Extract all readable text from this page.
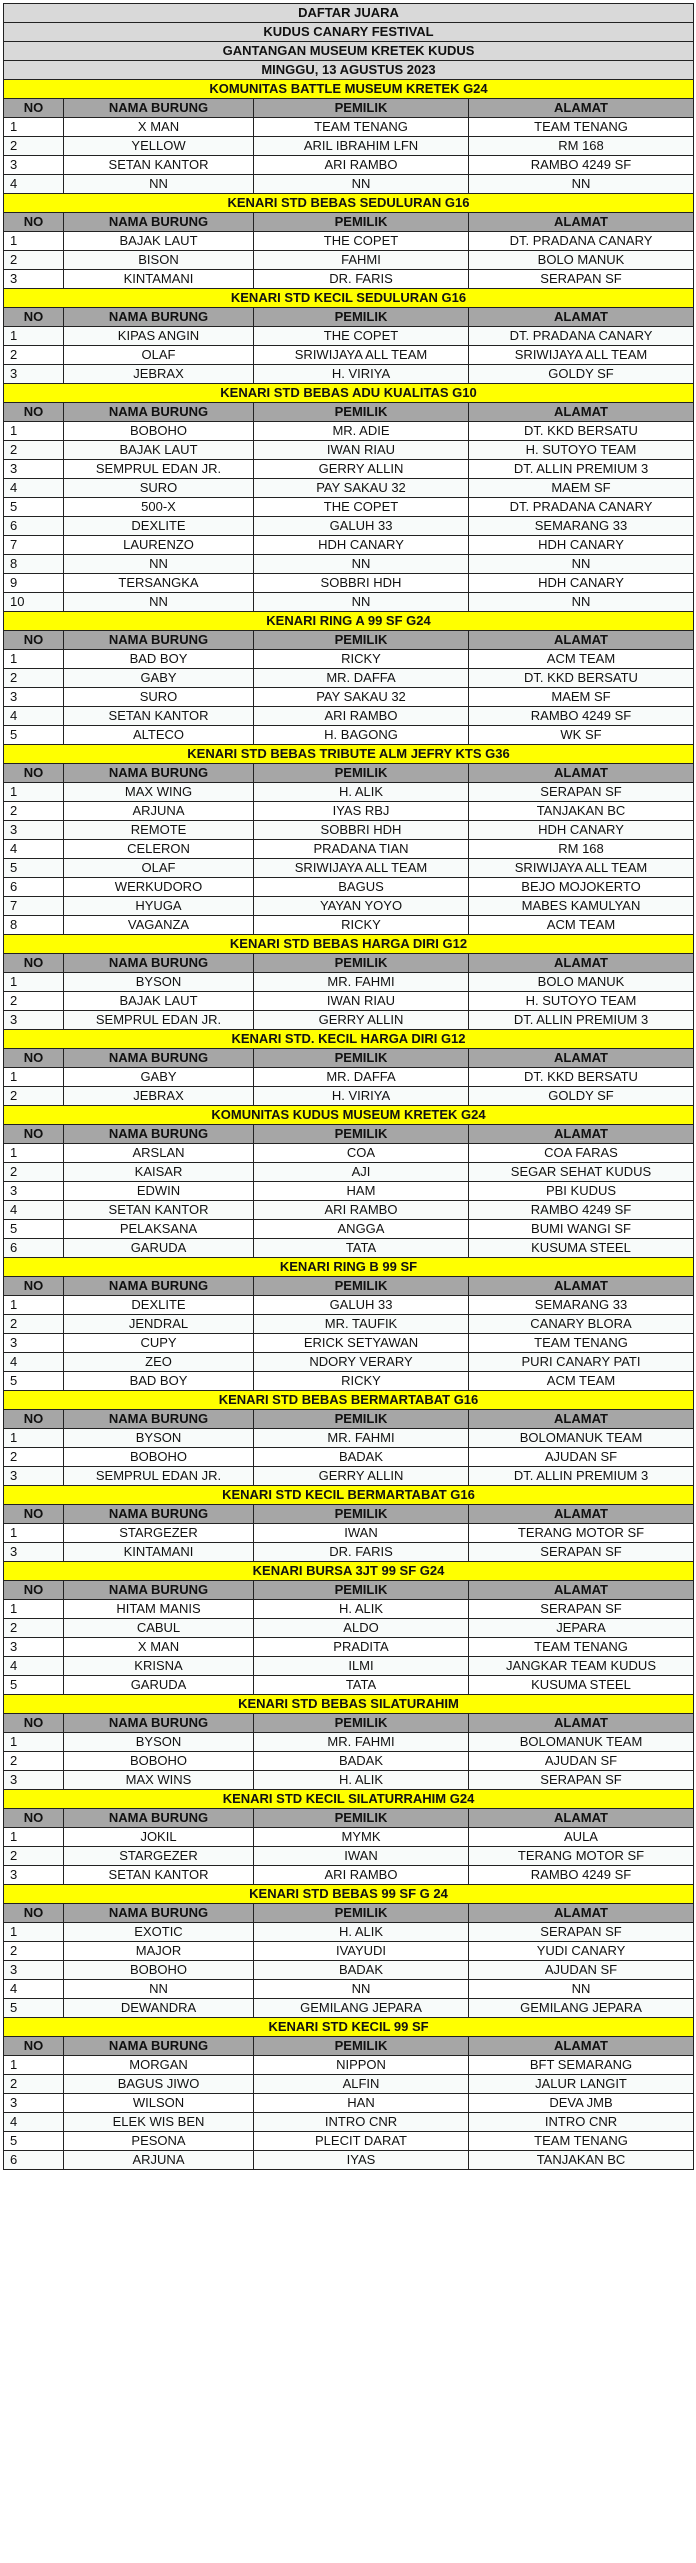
DAFTAR JUARA			
KUDUS CANARY FESTIVAL			
GANTANGAN MUSEUM KRETEK KUDUS			
MINGGU, 13 AGUSTUS 2023			
KOMUNITAS BATTLE MUSEUM KRETEK G24			
NO	NAMA BURUNG	PEMILIK	ALAMAT
1	X MAN	TEAM TENANG	TEAM TENANG
2	YELLOW	ARIL IBRAHIM LFN	RM 168
3	SETAN KANTOR	ARI RAMBO	RAMBO 4249 SF
4	NN	NN	NN
KENARI STD BEBAS SEDULURAN G16			
NO	NAMA BURUNG	PEMILIK	ALAMAT
1	BAJAK LAUT	THE COPET	DT. PRADANA CANARY
2	BISON	FAHMI	BOLO MANUK
3	KINTAMANI	DR. FARIS	SERAPAN SF
KENARI STD KECIL SEDULURAN G16			
NO	NAMA BURUNG	PEMILIK	ALAMAT
1	KIPAS ANGIN	THE COPET	DT. PRADANA CANARY
2	OLAF	SRIWIJAYA ALL TEAM	SRIWIJAYA ALL TEAM
3	JEBRAX	H. VIRIYA	GOLDY SF
KENARI STD BEBAS ADU KUALITAS G10			
NO	NAMA BURUNG	PEMILIK	ALAMAT
1	BOBOHO	MR. ADIE	DT. KKD BERSATU
2	BAJAK LAUT	IWAN RIAU	H. SUTOYO TEAM
3	SEMPRUL EDAN JR.	GERRY ALLIN	DT. ALLIN PREMIUM 3
4	SURO	PAY SAKAU 32	MAEM SF
5	500-X	THE COPET	DT. PRADANA CANARY
6	DEXLITE	GALUH 33	SEMARANG 33
7	LAURENZO	HDH CANARY	HDH CANARY
8	NN	NN	NN
9	TERSANGKA	SOBBRI HDH	HDH CANARY
10	NN	NN	NN
KENARI RING A 99 SF G24			
NO	NAMA BURUNG	PEMILIK	ALAMAT
1	BAD BOY	RICKY	ACM TEAM
2	GABY	MR. DAFFA	DT. KKD BERSATU
3	SURO	PAY SAKAU 32	MAEM SF
4	SETAN KANTOR	ARI RAMBO	RAMBO 4249 SF
5	ALTECO	H. BAGONG	WK SF
KENARI STD BEBAS TRIBUTE ALM JEFRY KTS G36			
NO	NAMA BURUNG	PEMILIK	ALAMAT
1	MAX WING	H. ALIK	SERAPAN SF
2	ARJUNA	IYAS RBJ	TANJAKAN BC
3	REMOTE	SOBBRI HDH	HDH CANARY
4	CELERON	PRADANA TIAN	RM 168
5	OLAF	SRIWIJAYA ALL TEAM	SRIWIJAYA ALL TEAM
6	WERKUDORO	BAGUS	BEJO MOJOKERTO
7	HYUGA	YAYAN YOYO	MABES KAMULYAN
8	VAGANZA	RICKY	ACM TEAM
KENARI STD BEBAS HARGA DIRI G12			
NO	NAMA BURUNG	PEMILIK	ALAMAT
1	BYSON	MR. FAHMI	BOLO MANUK
2	BAJAK LAUT	IWAN RIAU	H. SUTOYO TEAM
3	SEMPRUL EDAN JR.	GERRY ALLIN	DT. ALLIN PREMIUM 3
KENARI STD. KECIL HARGA DIRI G12			
NO	NAMA BURUNG	PEMILIK	ALAMAT
1	GABY	MR. DAFFA	DT. KKD BERSATU
2	JEBRAX	H. VIRIYA	GOLDY SF
KOMUNITAS KUDUS MUSEUM KRETEK G24			
NO	NAMA BURUNG	PEMILIK	ALAMAT
1	ARSLAN	COA	COA FARAS
2	KAISAR	AJI	SEGAR SEHAT KUDUS
3	EDWIN	HAM	PBI KUDUS
4	SETAN KANTOR	ARI RAMBO	RAMBO 4249 SF
5	PELAKSANA	ANGGA	BUMI WANGI SF
6	GARUDA	TATA	KUSUMA STEEL
KENARI RING B 99 SF			
NO	NAMA BURUNG	PEMILIK	ALAMAT
1	DEXLITE	GALUH 33	SEMARANG 33
2	JENDRAL	MR. TAUFIK	CANARY BLORA
3	CUPY	ERICK SETYAWAN	TEAM TENANG
4	ZEO	NDORY VERARY	PURI CANARY PATI
5	BAD BOY	RICKY	ACM TEAM
KENARI STD BEBAS BERMARTABAT G16			
NO	NAMA BURUNG	PEMILIK	ALAMAT
1	BYSON	MR. FAHMI	BOLOMANUK TEAM
2	BOBOHO	BADAK	AJUDAN SF
3	SEMPRUL EDAN JR.	GERRY ALLIN	DT. ALLIN PREMIUM 3
KENARI STD KECIL BERMARTABAT G16			
NO	NAMA BURUNG	PEMILIK	ALAMAT
1	STARGEZER	IWAN	TERANG MOTOR SF
3	KINTAMANI	DR. FARIS	SERAPAN SF
KENARI BURSA 3JT 99 SF G24			
NO	NAMA BURUNG	PEMILIK	ALAMAT
1	HITAM MANIS	H. ALIK	SERAPAN SF
2	CABUL	ALDO	JEPARA
3	X MAN	PRADITA	TEAM TENANG
4	KRISNA	ILMI	JANGKAR TEAM KUDUS
5	GARUDA	TATA	KUSUMA STEEL
KENARI STD BEBAS SILATURAHIM			
NO	NAMA BURUNG	PEMILIK	ALAMAT
1	BYSON	MR. FAHMI	BOLOMANUK TEAM
2	BOBOHO	BADAK	AJUDAN SF
3	MAX WINS	H. ALIK	SERAPAN SF
KENARI STD KECIL SILATURRAHIM G24			
NO	NAMA BURUNG	PEMILIK	ALAMAT
1	JOKIL	MYMK	AULA
2	STARGEZER	IWAN	TERANG MOTOR SF
3	SETAN KANTOR	ARI RAMBO	RAMBO 4249 SF
KENARI STD BEBAS 99 SF G 24			
NO	NAMA BURUNG	PEMILIK	ALAMAT
1	EXOTIC	H. ALIK	SERAPAN SF
2	MAJOR	IVAYUDI	YUDI CANARY
3	BOBOHO	BADAK	AJUDAN SF
4	NN	NN	NN
5	DEWANDRA	GEMILANG JEPARA	GEMILANG JEPARA
KENARI STD KECIL 99 SF			
NO	NAMA BURUNG	PEMILIK	ALAMAT
1	MORGAN	NIPPON	BFT SEMARANG
2	BAGUS JIWO	ALFIN	JALUR LANGIT
3	WILSON	HAN	DEVA JMB
4	ELEK WIS BEN	INTRO CNR	INTRO CNR
5	PESONA	PLECIT DARAT	TEAM TENANG
6	ARJUNA	IYAS	TANJAKAN BC
